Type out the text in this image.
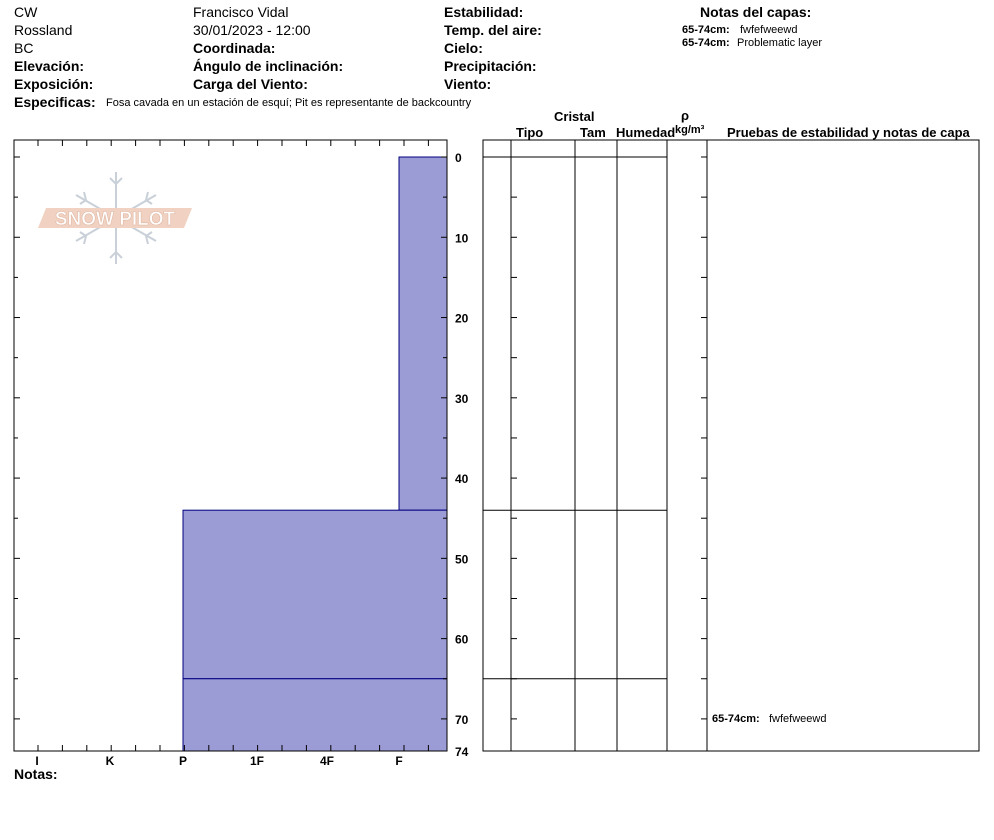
CW
Rossland
BC
Elevación:
Exposición:
Especificas: Fosa cavada en un estación de esquí; Pit es representante de backcountry
Francisco Vidal
30/01/2023 - 12:00
Coordinada:
Ángulo de inclinación:
Carga del Viento:
Estabilidad:
Temp. del aire:
Cielo:
Precipitación:
Viento:
Notas del capas:
65-74cm: fwfefweewd
65-74cm: Problematic layer
Cristal
Tipo	Tam Humedad
ρ
kg/m³ Pruebas de estabilidad y notas de capa
SNOW PILOT
0
10
20
30
40
50
60
70
74
I	K	P	1F	4F	F
65-74cm: fwfefweewd
Notas:
